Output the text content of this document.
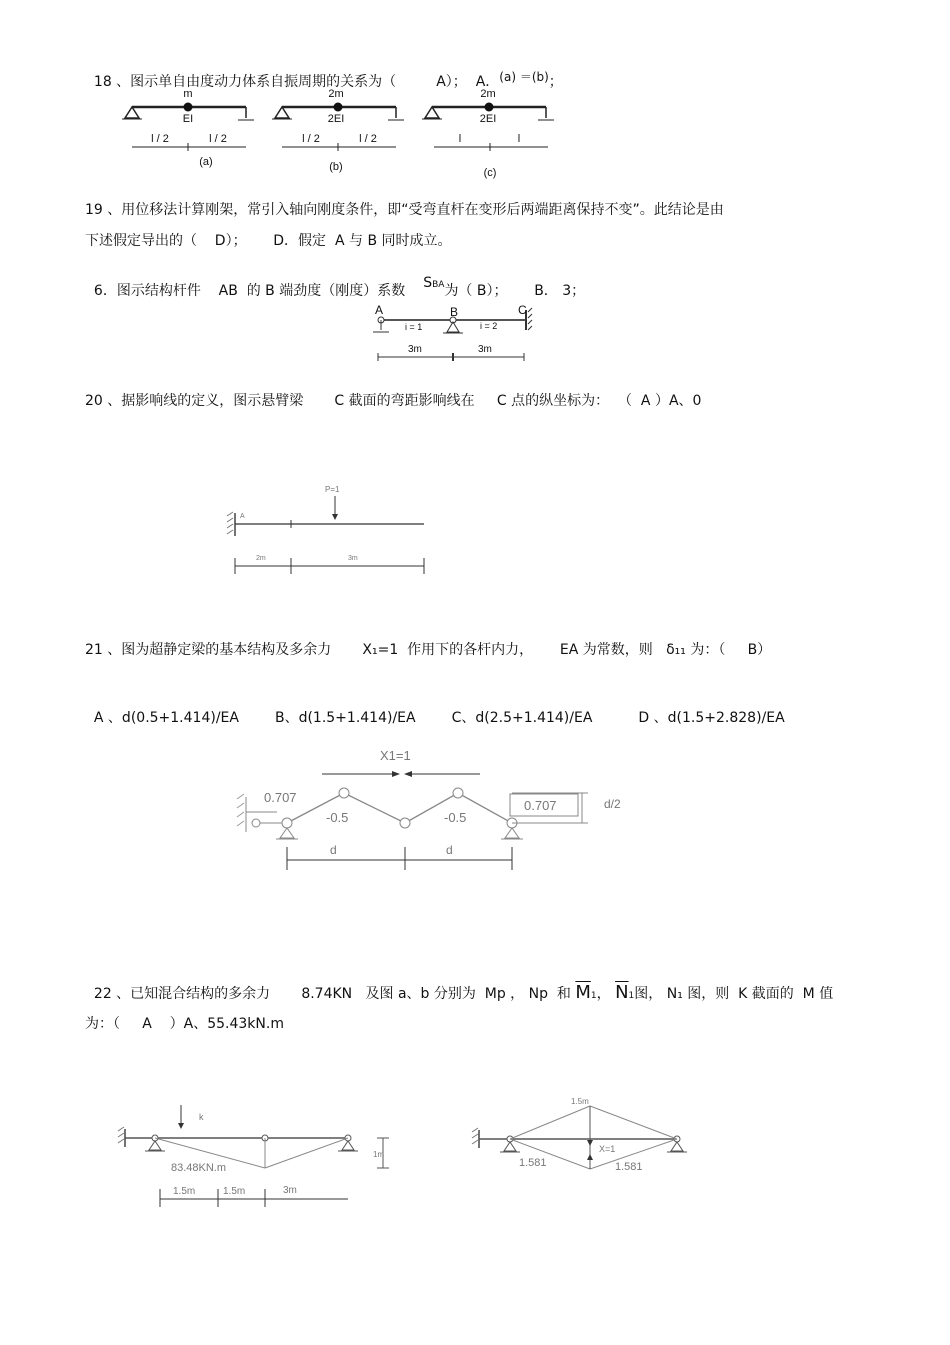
18 、图示单自由度动力体系自振周期的关系为（         A）；  A．(a) ＝(b)；

m
EI
l / 2	l / 2
(a)
2m
2EI
l / 2	l / 2
(b)
2m
2EI
l	l
(c)
19 、用位移法计算刚架，常引入轴向刚度条件，即“受弯直杆在变形后两端距离保持不变”。此结论是由
下述假定导出的（    D）；      D．假定  A 与 B 同时成立。

6．图示结构杆件    AB  的 B 端劲度（刚度）系数 SBA为（ B）；      B． 3；

A	B	C
i = 1	i = 2
3m	3m
20 、据影响线的定义，图示悬臂梁       C 截面的弯距影响线在     C 点的纵坐标为：  （  A ）A、0
P=1
A
2m	3m
21 、图为超静定梁的基本结构及多余力       X₁=1  作用下的各杆内力，      EA 为常数，则   δ₁₁ 为：（     B）

A 、d(0.5+1.414)/EA	B、d(1.5+1.414)/EA	C、d(2.5+1.414)/EA	D 、d(1.5+2.828)/EA

X1=1
0.707
-0.5	-0.5
0.707	d/2
d	d

22 、已知混合结构的多余力       8.74KN   及图 a、b 分别为  Mp ， Np  和 $\overline{M}1$， $\overline{N}1$图， N₁ 图，则  K 截面的  M 值

为：（     A    ）A、55.43kN.m
k
83.48KN.m
1m
1.5m	1.5m	3m
1.5m
X=1
1.581	1.581
